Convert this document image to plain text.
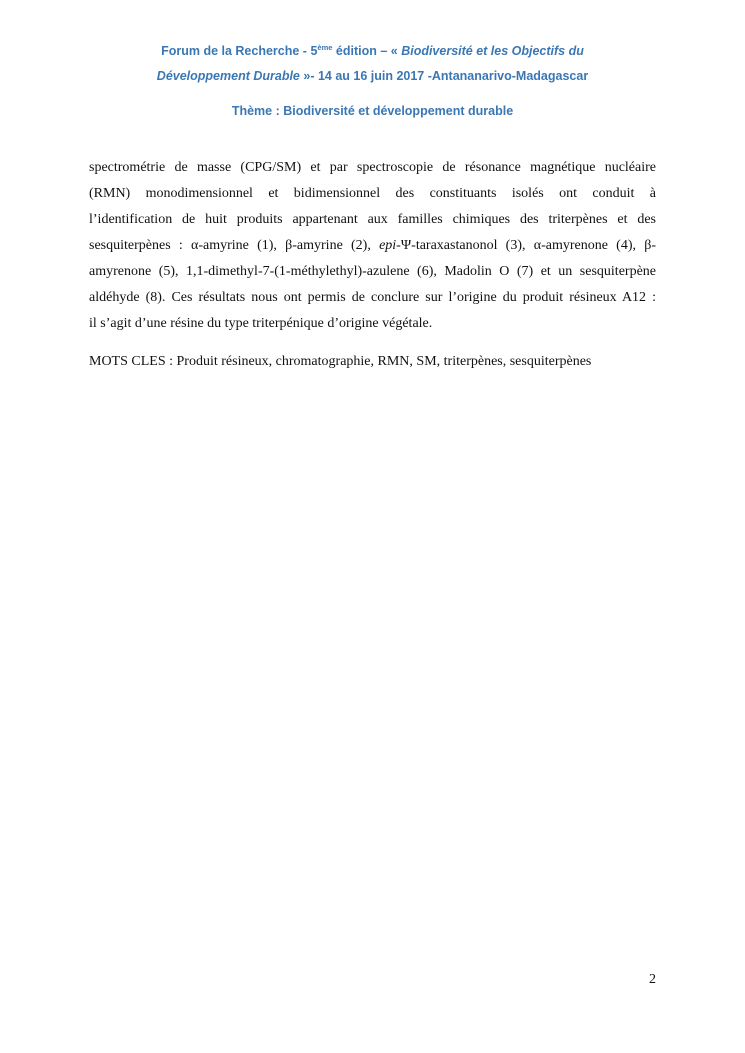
Forum de la Recherche - 5ème édition – « Biodiversité et les Objectifs du
Développement Durable »- 14 au 16 juin 2017 -Antananarivo-Madagascar
Thème : Biodiversité et développement durable
spectrométrie de masse (CPG/SM) et par spectroscopie de résonance magnétique nucléaire
(RMN) monodimensionnel et bidimensionnel des constituants isolés ont conduit à
l’identification de huit produits appartenant aux familles chimiques des triterpènes et des
sesquiterpènes : α-amyrine (1), β-amyrine (2), epi-Ψ-taraxastanonol (3), α-amyrenone (4), β-
amyrenone (5), 1,1-dimethyl-7-(1-méthylethyl)-azulene (6), Madolin O (7) et un sesquiterpène
aldéhyde (8). Ces résultats nous ont permis de conclure sur l’origine du produit résineux A12 :
il s’agit d’une résine du type triterpénique d’origine végétale.
MOTS CLES : Produit résineux, chromatographie, RMN, SM, triterpènes, sesquiterpènes
2
